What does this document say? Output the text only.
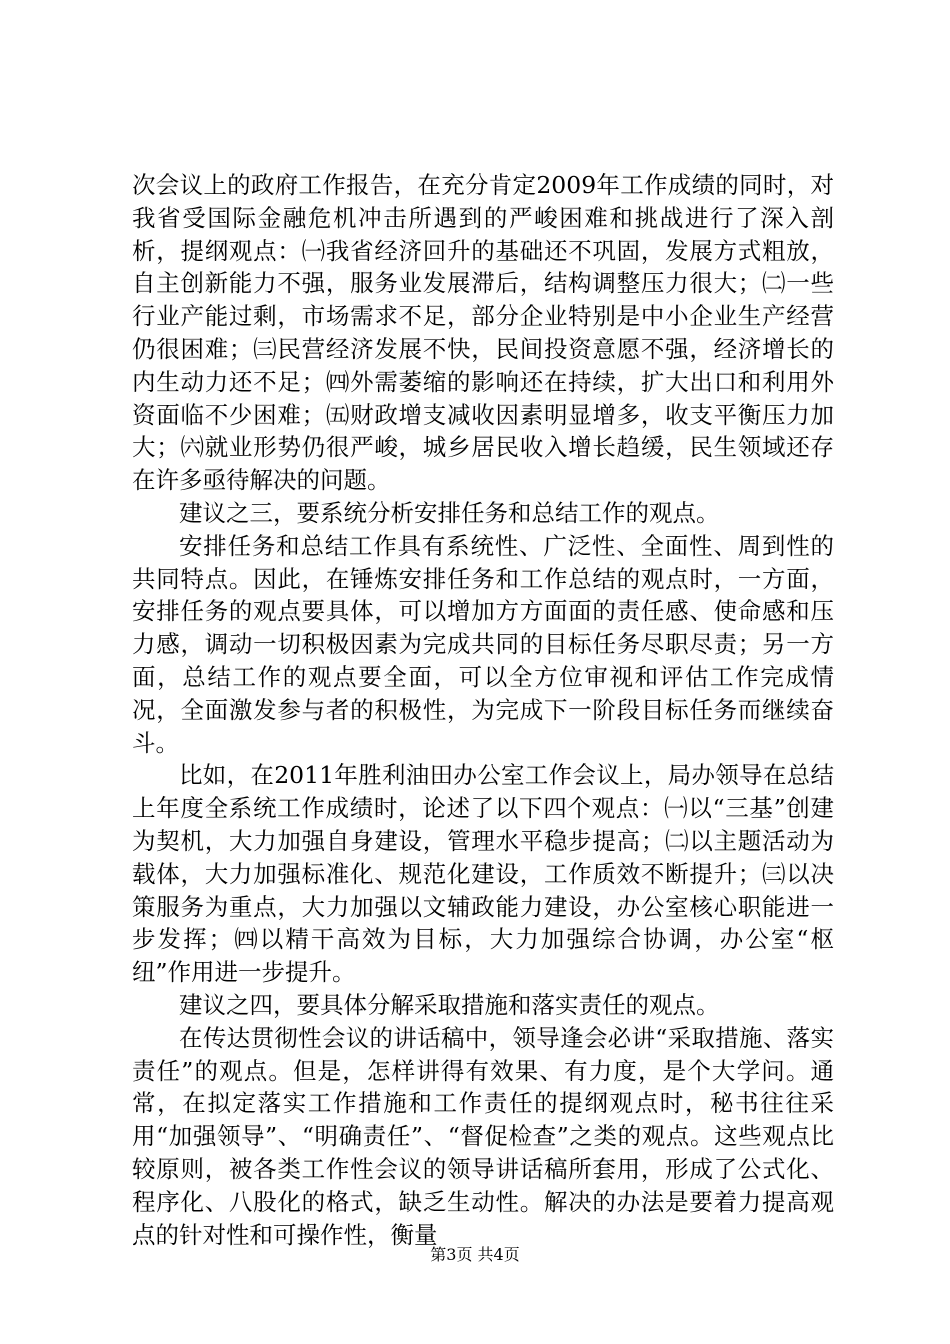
次会议上的政府工作报告，在充分肯定2009年工作成绩的同时，对我省受国际金融危机冲击所遇到的严峻困难和挑战进行了深入剖析，提纲观点：㈠我省经济回升的基础还不巩固，发展方式粗放，自主创新能力不强，服务业发展滞后，结构调整压力很大；㈡一些行业产能过剩，市场需求不足，部分企业特别是中小企业生产经营仍很困难；㈢民营经济发展不快，民间投资意愿不强，经济增长的内生动力还不足；㈣外需萎缩的影响还在持续，扩大出口和利用外资面临不少困难；㈤财政增支减收因素明显增多，收支平衡压力加大；㈥就业形势仍很严峻，城乡居民收入增长趋缓，民生领域还存在许多亟待解决的问题。

建议之三，要系统分析安排任务和总结工作的观点。

安排任务和总结工作具有系统性、广泛性、全面性、周到性的共同特点。因此，在锤炼安排任务和工作总结的观点时，一方面，安排任务的观点要具体，可以增加方方面面的责任感、使命感和压力感，调动一切积极因素为完成共同的目标任务尽职尽责；另一方面，总结工作的观点要全面，可以全方位审视和评估工作完成情况，全面激发参与者的积极性，为完成下一阶段目标任务而继续奋斗。

比如，在2011年胜利油田办公室工作会议上，局办领导在总结上年度全系统工作成绩时，论述了以下四个观点：㈠以“三基”创建为契机，大力加强自身建设，管理水平稳步提高；㈡以主题活动为载体，大力加强标准化、规范化建设，工作质效不断提升；㈢以决策服务为重点，大力加强以文辅政能力建设，办公室核心职能进一步发挥；㈣以精干高效为目标，大力加强综合协调，办公室“枢纽”作用进一步提升。

建议之四，要具体分解采取措施和落实责任的观点。

在传达贯彻性会议的讲话稿中，领导逢会必讲“采取措施、落实责任”的观点。但是，怎样讲得有效果、有力度，是个大学问。通常，在拟定落实工作措施和工作责任的提纲观点时，秘书往往采用“加强领导”、“明确责任”、“督促检查”之类的观点。这些观点比较原则，被各类工作性会议的领导讲话稿所套用，形成了公式化、程序化、八股化的格式，缺乏生动性。解决的办法是要着力提高观点的针对性和可操作性，衡量

第3页 共4页
